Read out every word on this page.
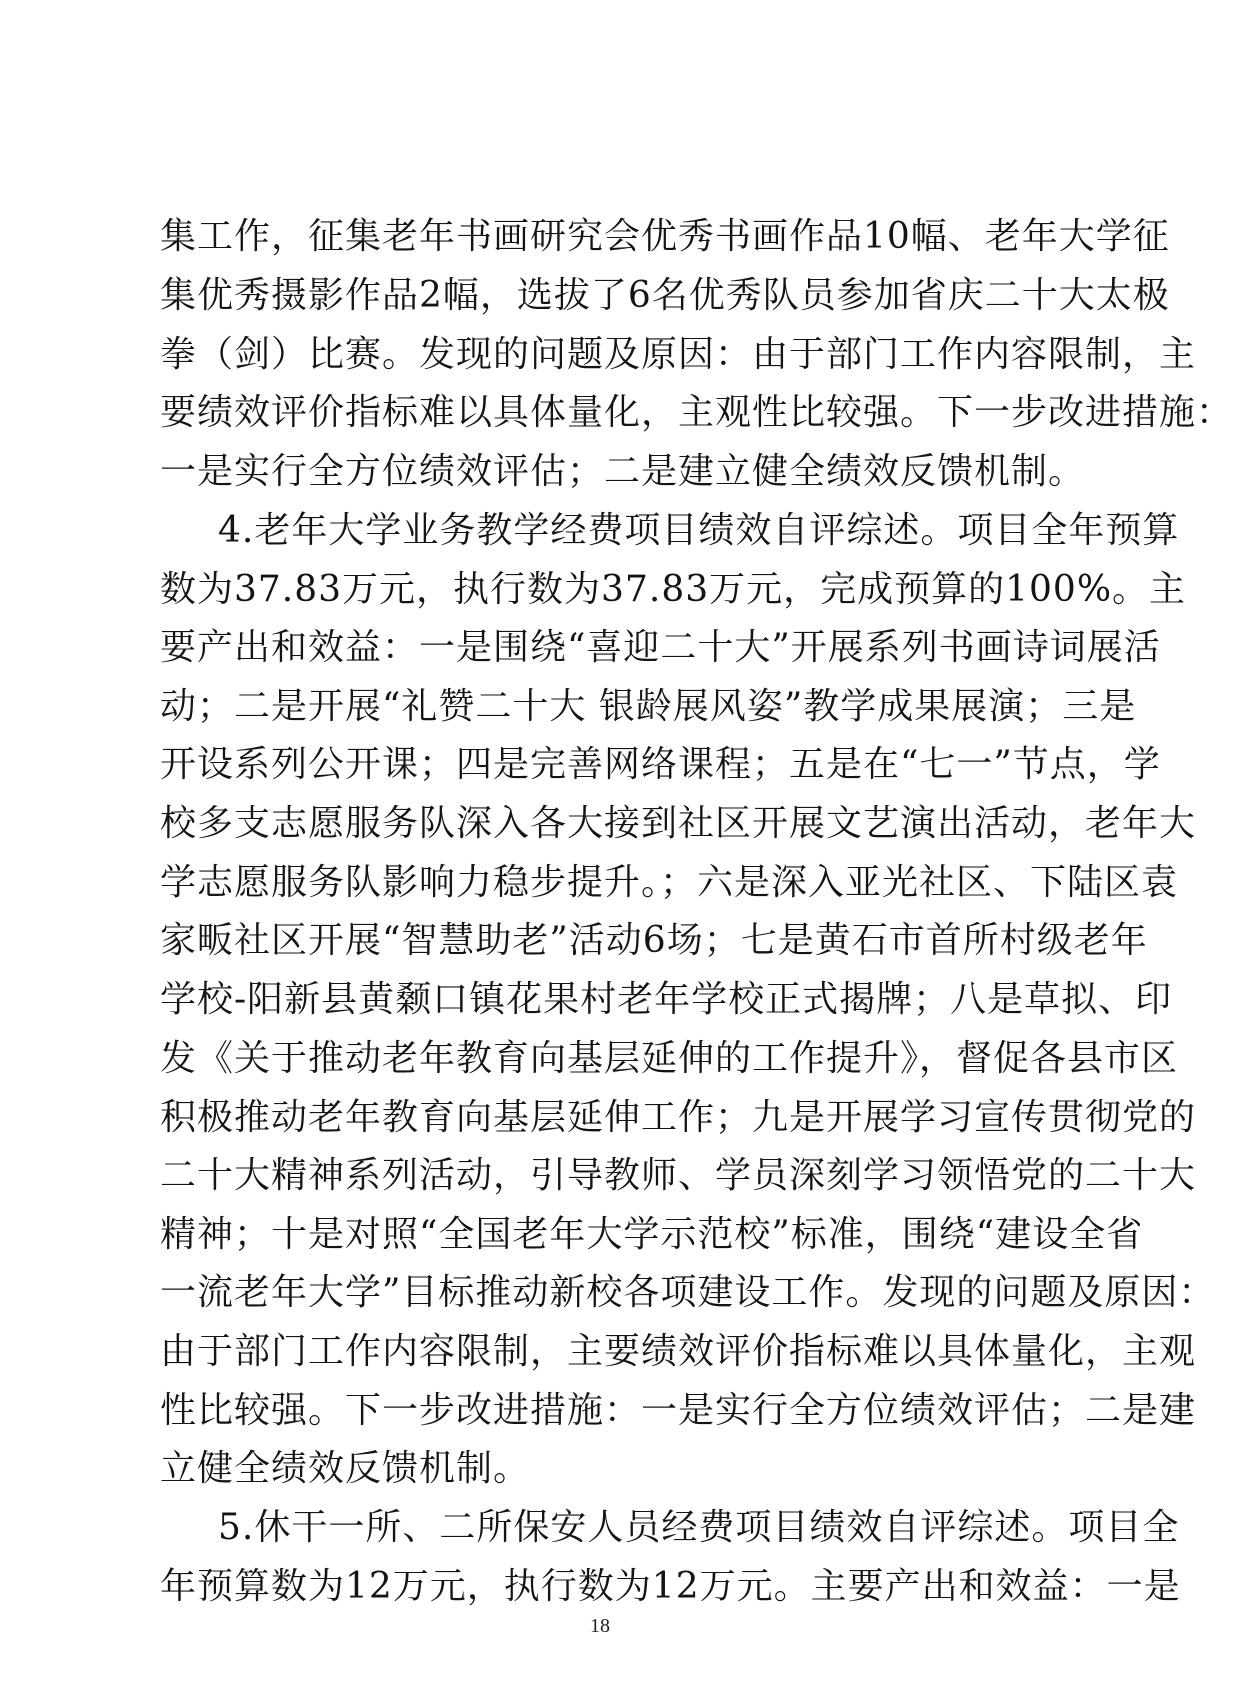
集工作，征集老年书画研究会优秀书画作品10幅、老年大学征
集优秀摄影作品2幅，选拔了6名优秀队员参加省庆二十大太极
拳（剑）比赛。发现的问题及原因：由于部门工作内容限制，主
要绩效评价指标难以具体量化，主观性比较强。下一步改进措施：
一是实行全方位绩效评估；二是建立健全绩效反馈机制。
4.老年大学业务教学经费项目绩效自评综述。项目全年预算
数为37.83万元，执行数为37.83万元，完成预算的100%。主
要产出和效益：一是围绕“喜迎二十大”开展系列书画诗词展活
动；二是开展“礼赞二十大 银龄展风姿”教学成果展演；三是
开设系列公开课；四是完善网络课程；五是在“七一”节点，学
校多支志愿服务队深入各大接到社区开展文艺演出活动，老年大
学志愿服务队影响力稳步提升。；六是深入亚光社区、下陆区袁
家畈社区开展“智慧助老”活动6场；七是黄石市首所村级老年
学校-阳新县黄颡口镇花果村老年学校正式揭牌；八是草拟、印
发《关于推动老年教育向基层延伸的工作提升》，督促各县市区
积极推动老年教育向基层延伸工作；九是开展学习宣传贯彻党的
二十大精神系列活动，引导教师、学员深刻学习领悟党的二十大
精神；十是对照“全国老年大学示范校”标准，围绕“建设全省
一流老年大学”目标推动新校各项建设工作。发现的问题及原因：
由于部门工作内容限制，主要绩效评价指标难以具体量化，主观
性比较强。下一步改进措施：一是实行全方位绩效评估；二是建
立健全绩效反馈机制。
5.休干一所、二所保安人员经费项目绩效自评综述。项目全
年预算数为12万元，执行数为12万元。主要产出和效益：一是
18
